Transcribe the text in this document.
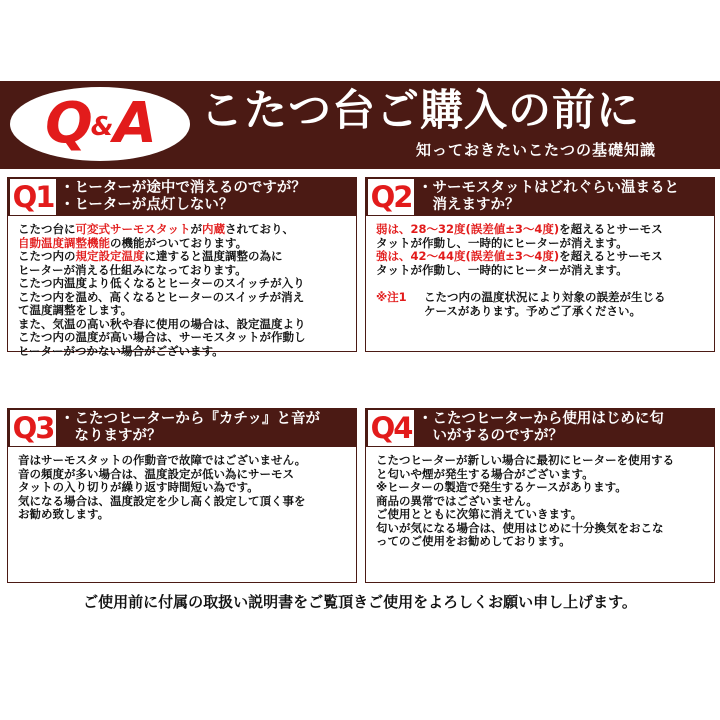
Q&A	こたつ台ご購入の前に
知っておきたいこたつの基礎知識
Q1 ・ヒーターが途中で消えるのですが？
・ヒーターが点灯しない？
こたつ台に可変式サーモスタットが内蔵されており、
自動温度調整機能の機能がついております。
こたつ内の規定設定温度に達すると温度調整の為に
ヒーターが消える仕組みになっております。
こたつ内温度より低くなるとヒーターのスイッチが入り
こたつ内を温め、高くなるとヒーターのスイッチが消え
て温度調整をします。
また、気温の高い秋や春に使用の場合は、設定温度より
こたつ内の温度が高い場合は、サーモスタットが作動し
ヒーターがつかない場合がございます。
Q2 ・サーモスタットはどれぐらい温まると
　消えますか？
弱は、28〜32度(誤差値±3〜4度)を超えるとサーモス
タットが作動し、一時的にヒーターが消えます。
強は、42〜44度(誤差値±3〜4度)を超えるとサーモス
タットが作動し、一時的にヒーターが消えます。
※注1	こたつ内の温度状況により対象の誤差が生じる
ケースがあります。予めご了承ください。
Q3 ・こたつヒーターから『カチッ』と音が
　なりますが？
音はサーモスタットの作動音で故障ではございません。
音の頻度が多い場合は、温度設定が低い為にサーモス
タットの入り切りが繰り返す時間短い為です。
気になる場合は、温度設定を少し高く設定して頂く事を
お勧め致します。
Q4 ・こたつヒーターから使用はじめに匂
　いがするのですが？
こたつヒーターが新しい場合に最初にヒーターを使用する
と匂いや煙が発生する場合がございます。
※ヒーターの製造で発生するケースがあります。
商品の異常ではございません。
ご使用とともに次第に消えていきます。
匂いが気になる場合は、使用はじめに十分換気をおこな
ってのご使用をお勧めしております。
ご使用前に付属の取扱い説明書をご覧頂きご使用をよろしくお願い申し上げます。
